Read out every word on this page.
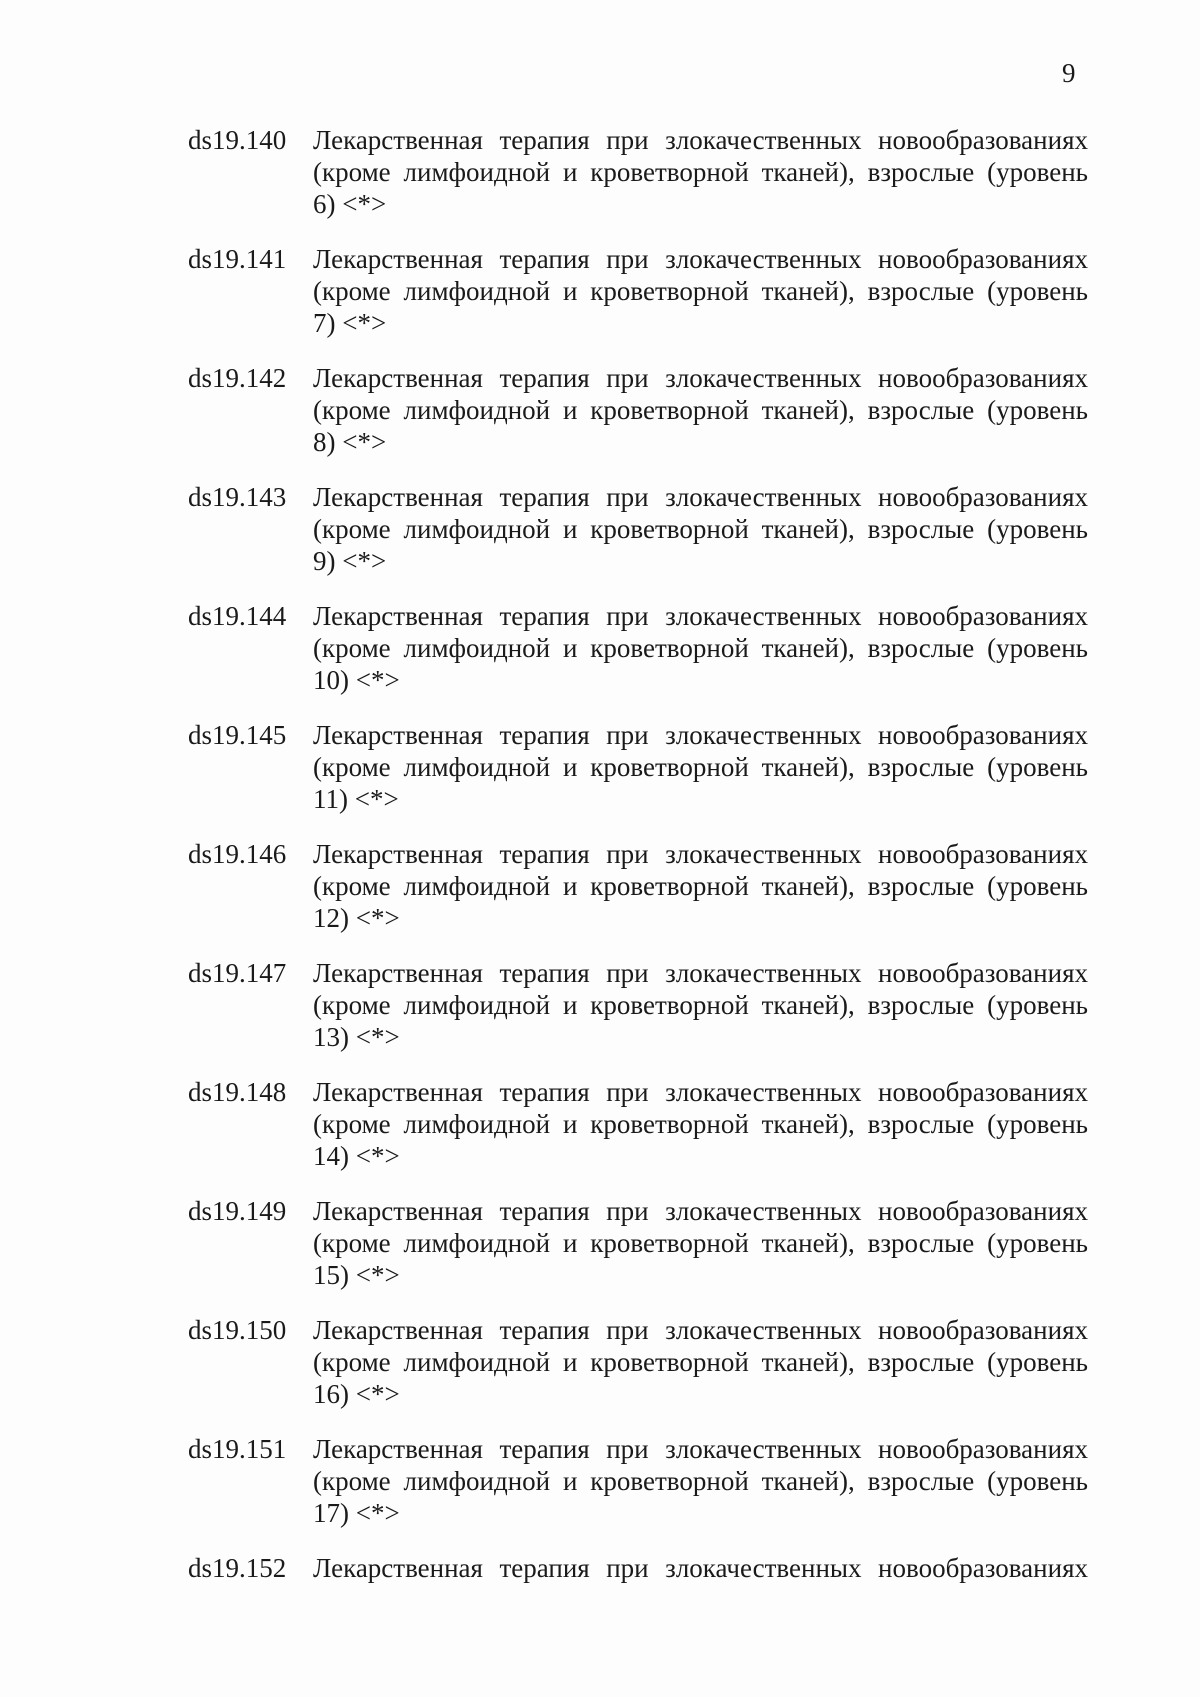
9
ds19.140 Лекарственная терапия при злокачественных новообразованиях
(кроме лимфоидной и кроветворной тканей), взрослые (уровень
6) <*>
ds19.141 Лекарственная терапия при злокачественных новообразованиях
(кроме лимфоидной и кроветворной тканей), взрослые (уровень
7) <*>
ds19.142 Лекарственная терапия при злокачественных новообразованиях
(кроме лимфоидной и кроветворной тканей), взрослые (уровень
8) <*>
ds19.143 Лекарственная терапия при злокачественных новообразованиях
(кроме лимфоидной и кроветворной тканей), взрослые (уровень
9) <*>
ds19.144 Лекарственная терапия при злокачественных новообразованиях
(кроме лимфоидной и кроветворной тканей), взрослые (уровень
10) <*>
ds19.145 Лекарственная терапия при злокачественных новообразованиях
(кроме лимфоидной и кроветворной тканей), взрослые (уровень
11) <*>
ds19.146 Лекарственная терапия при злокачественных новообразованиях
(кроме лимфоидной и кроветворной тканей), взрослые (уровень
12) <*>
ds19.147 Лекарственная терапия при злокачественных новообразованиях
(кроме лимфоидной и кроветворной тканей), взрослые (уровень
13) <*>
ds19.148 Лекарственная терапия при злокачественных новообразованиях
(кроме лимфоидной и кроветворной тканей), взрослые (уровень
14) <*>
ds19.149 Лекарственная терапия при злокачественных новообразованиях
(кроме лимфоидной и кроветворной тканей), взрослые (уровень
15) <*>
ds19.150 Лекарственная терапия при злокачественных новообразованиях
(кроме лимфоидной и кроветворной тканей), взрослые (уровень
16) <*>
ds19.151 Лекарственная терапия при злокачественных новообразованиях
(кроме лимфоидной и кроветворной тканей), взрослые (уровень
17) <*>
ds19.152 Лекарственная терапия при злокачественных новообразованиях
